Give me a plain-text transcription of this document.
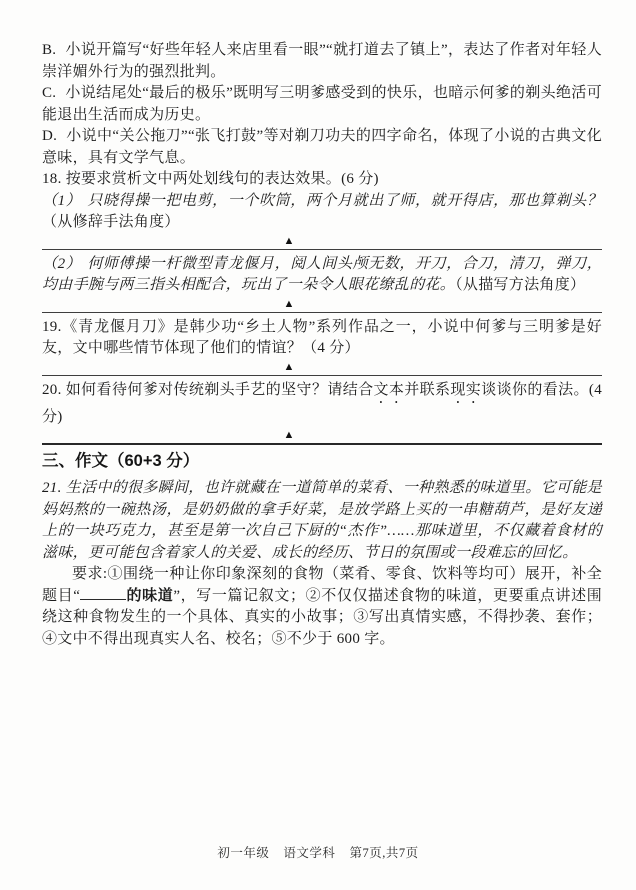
B. 小说开篇写“好些年轻人来店里看一眼”“就打道去了镇上”，表达了作者对年轻人崇洋媚外行为的强烈批判。

C. 小说结尾处“最后的极乐”既明写三明爹感受到的快乐，也暗示何爹的剃头绝活可能退出生活而成为历史。

D. 小说中“关公拖刀”“张飞打鼓”等对剃刀功夫的四字命名，体现了小说的古典文化意味，具有文学气息。

18. 按要求赏析文中两处划线句的表达效果。(6 分)

（1） 只晓得操一把电剪，一个吹筒，两个月就出了师，就开得店，那也算剃头？（从修辞手法角度）

▲

（2） 何师傅操一杆微型青龙偃月，阅人间头颅无数，开刀，合刀，清刀，弹刀，均由手腕与两三指头相配合，玩出了一朵令人眼花缭乱的花。（从描写方法角度）

▲

19.《青龙偃月刀》是韩少功“乡土人物”系列作品之一，小说中何爹与三明爹是好友，文中哪些情节体现了他们的情谊？（4 分）

▲

20. 如何看待何爹对传统剃头手艺的坚守？请结合文本并联系现实谈谈你的看法。(4 分)

▲
三、作文（60+3 分）

21. 生活中的很多瞬间，也许就藏在一道简单的菜肴、一种熟悉的味道里。它可能是妈妈熬的一碗热汤，是奶奶做的拿手好菜，是放学路上买的一串糖葫芦，是好友递上的一块巧克力，甚至是第一次自己下厨的“杰作”……那味道里，不仅藏着食材的滋味，更可能包含着家人的关爱、成长的经历、节日的氛围或一段难忘的回忆。

要求:①围绕一种让你印象深刻的食物（菜肴、零食、饮料等均可）展开，补全题目“	的味道”，写一篇记叙文；②不仅仅描述食物的味道，更要重点讲述围绕这种食物发生的一个具体、真实的小故事；③写出真情实感，不得抄袭、套作；④文中不得出现真实人名、校名；⑤不少于 600 字。

初一年级 语文学科 第7页,共7页
